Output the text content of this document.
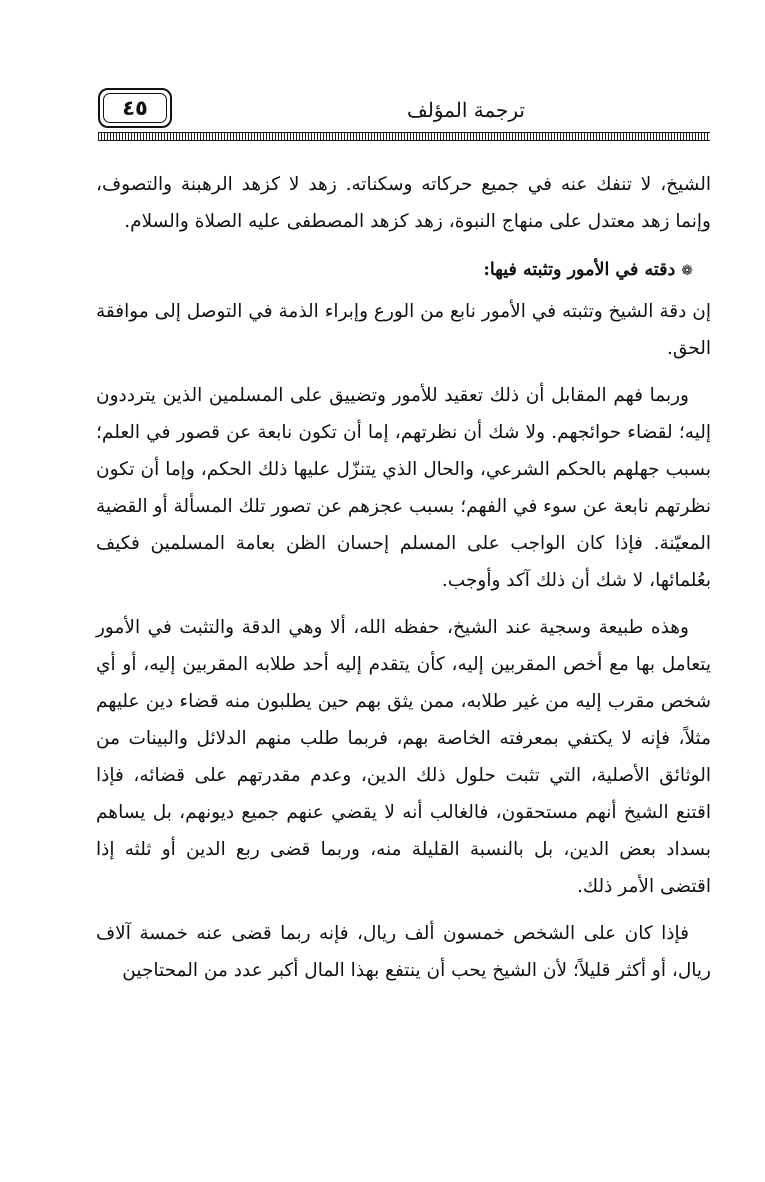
٤٥	ترجمة المؤلف

الشيخ، لا تنفك عنه في جميع حركاته وسكناته. زهد لا كزهد الرهبنة والتصوف، وإنما زهد معتدل على منهاج النبوة، زهد كزهد المصطفى عليه الصلاة والسلام.

❁
دقته في الأمور وتثبته فيها:

إن دقة الشيخ وتثبته في الأمور نابع من الورع وإبراء الذمة في التوصل إلى موافقة الحق.

وربما فهم المقابل أن ذلك تعقيد للأمور وتضييق على المسلمين الذين يترددون إليه؛ لقضاء حوائجهم. ولا شك أن نظرتهم، إما أن تكون نابعة عن قصور في العلم؛ بسبب جهلهم بالحكم الشرعي، والحال الذي يتنزّل عليها ذلك الحكم، وإما أن تكون نظرتهم نابعة عن سوء في الفهم؛ بسبب عجزهم عن تصور تلك المسألة أو القضية المعيّنة. فإذا كان الواجب على المسلم إحسان الظن بعامة المسلمين فكيف بعُلمائها، لا شك أن ذلك آكد وأوجب.

وهذه طبيعة وسجية عند الشيخ، حفظه الله، ألا وهي الدقة والتثبت في الأمور يتعامل بها مع أخص المقربين إليه، كأن يتقدم إليه أحد طلابه المقربين إليه، أو أي شخص مقرب إليه من غير طلابه، ممن يثق بهم حين يطلبون منه قضاء دين عليهم مثلاً، فإنه لا يكتفي بمعرفته الخاصة بهم، فربما طلب منهم الدلائل والبينات من الوثائق الأصلية، التي تثبت حلول ذلك الدين، وعدم مقدرتهم على قضائه، فإذا اقتنع الشيخ أنهم مستحقون، فالغالب أنه لا يقضي عنهم جميع ديونهم، بل يساهم بسداد بعض الدين، بل بالنسبة القليلة منه، وربما قضى ربع الدين أو ثلثه إذا اقتضى الأمر ذلك.

فإذا كان على الشخص خمسون ألف ريال، فإنه ربما قضى عنه خمسة آلاف ريال، أو أكثر قليلاً؛ لأن الشيخ يحب أن ينتفع بهذا المال أكبر عدد من المحتاجين
